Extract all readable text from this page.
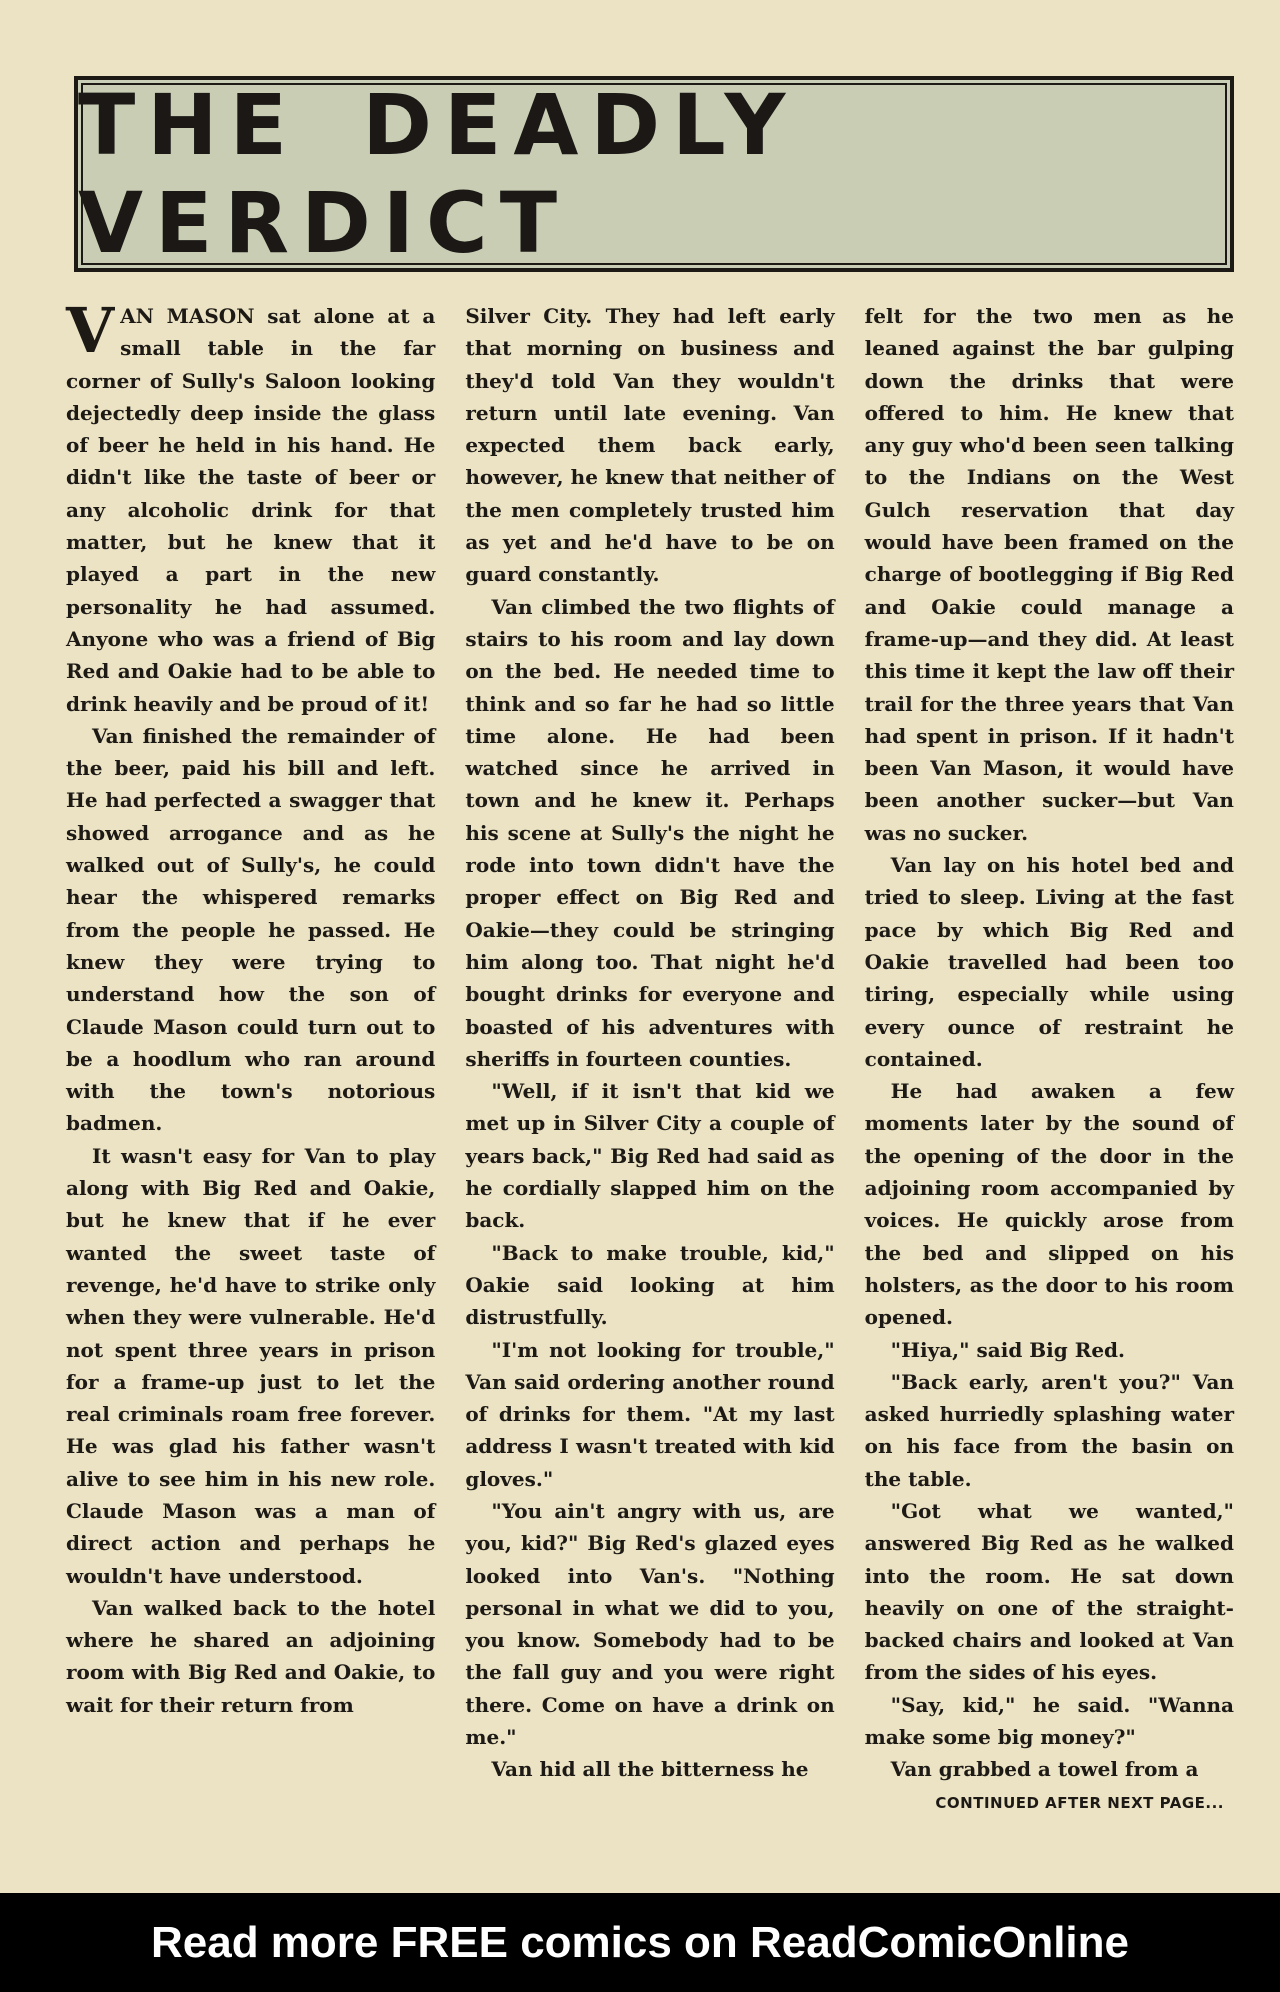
THE DEADLY VERDICT

VAN MASON sat alone at a small table in the far corner of Sully's Saloon looking dejectedly deep inside the glass of beer he held in his hand. He didn't like the taste of beer or any alcoholic drink for that matter, but he knew that it played a part in the new personality he had assumed. Anyone who was a friend of Big Red and Oakie had to be able to drink heavily and be proud of it!

Van finished the remainder of the beer, paid his bill and left. He had perfected a swagger that showed arrogance and as he walked out of Sully's, he could hear the whispered remarks from the people he passed. He knew they were trying to understand how the son of Claude Mason could turn out to be a hoodlum who ran around with the town's notorious badmen.

It wasn't easy for Van to play along with Big Red and Oakie, but he knew that if he ever wanted the sweet taste of revenge, he'd have to strike only when they were vulnerable. He'd not spent three years in prison for a frame-up just to let the real criminals roam free forever. He was glad his father wasn't alive to see him in his new role. Claude Mason was a man of direct action and perhaps he wouldn't have understood.

Van walked back to the hotel where he shared an adjoining room with Big Red and Oakie, to wait for their return from

Silver City. They had left early that morning on business and they'd told Van they wouldn't return until late evening. Van expected them back early, however, he knew that neither of the men completely trusted him as yet and he'd have to be on guard constantly.

Van climbed the two flights of stairs to his room and lay down on the bed. He needed time to think and so far he had so little time alone. He had been watched since he arrived in town and he knew it. Perhaps his scene at Sully's the night he rode into town didn't have the proper effect on Big Red and Oakie—they could be stringing him along too. That night he'd bought drinks for everyone and boasted of his adventures with sheriffs in fourteen counties.

"Well, if it isn't that kid we met up in Silver City a couple of years back," Big Red had said as he cordially slapped him on the back.

"Back to make trouble, kid," Oakie said looking at him distrustfully.

"I'm not looking for trouble," Van said ordering another round of drinks for them. "At my last address I wasn't treated with kid gloves."

"You ain't angry with us, are you, kid?" Big Red's glazed eyes looked into Van's. "Nothing personal in what we did to you, you know. Somebody had to be the fall guy and you were right there. Come on have a drink on me."

Van hid all the bitterness he

felt for the two men as he leaned against the bar gulping down the drinks that were offered to him. He knew that any guy who'd been seen talking to the Indians on the West Gulch reservation that day would have been framed on the charge of bootlegging if Big Red and Oakie could manage a frame-up—and they did. At least this time it kept the law off their trail for the three years that Van had spent in prison. If it hadn't been Van Mason, it would have been another sucker—but Van was no sucker.

Van lay on his hotel bed and tried to sleep. Living at the fast pace by which Big Red and Oakie travelled had been too tiring, especially while using every ounce of restraint he contained.

He had awaken a few moments later by the sound of the opening of the door in the adjoining room accompanied by voices. He quickly arose from the bed and slipped on his holsters, as the door to his room opened.

"Hiya," said Big Red.

"Back early, aren't you?" Van asked hurriedly splashing water on his face from the basin on the table.

"Got what we wanted," answered Big Red as he walked into the room. He sat down heavily on one of the straight-backed chairs and looked at Van from the sides of his eyes.

"Say, kid," he said. "Wanna make some big money?"

Van grabbed a towel from a

CONTINUED AFTER NEXT PAGE...
Read more FREE comics on ReadComicOnline
